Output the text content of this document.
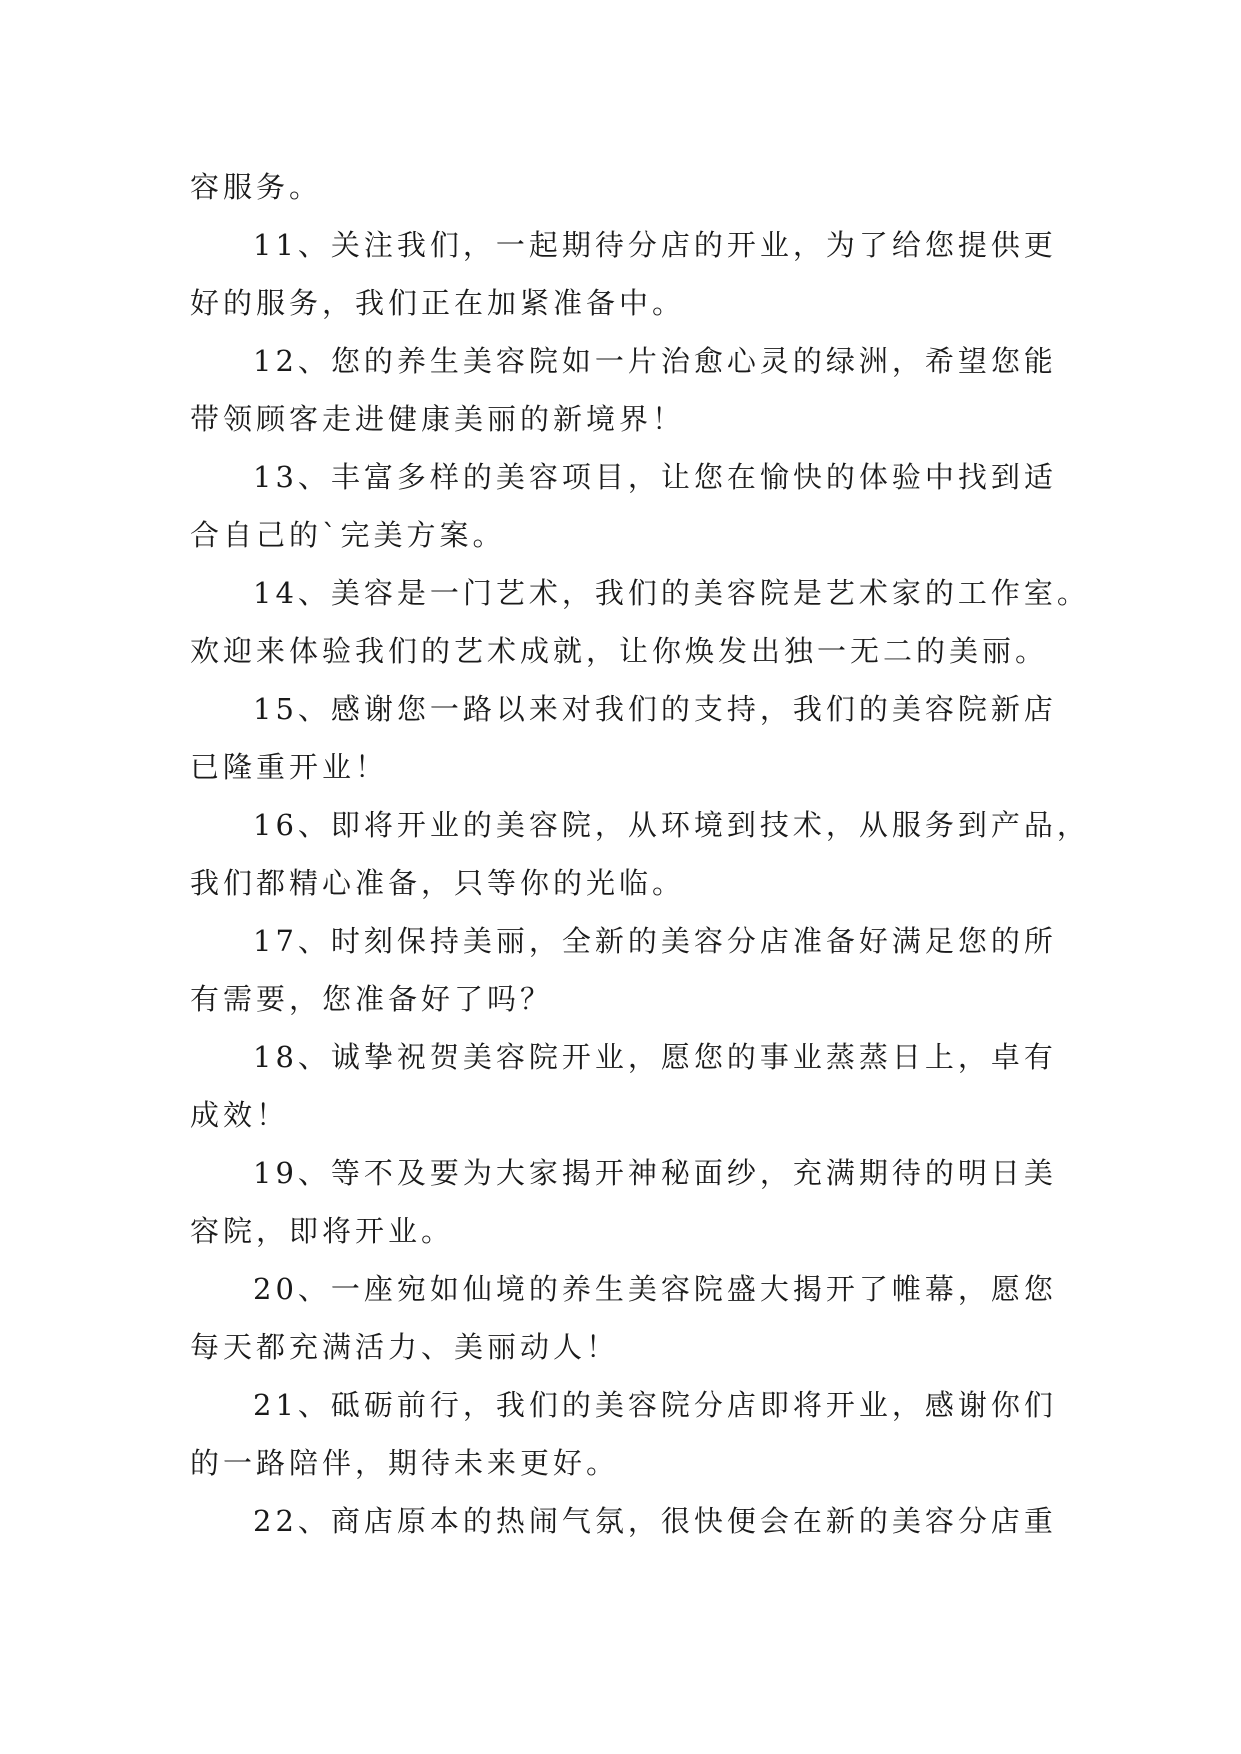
容服务。
11、关注我们，一起期待分店的开业，为了给您提供更
好的服务，我们正在加紧准备中。
12、您的养生美容院如一片治愈心灵的绿洲，希望您能
带领顾客走进健康美丽的新境界！
13、丰富多样的美容项目，让您在愉快的体验中找到适
合自己的`完美方案。
14、美容是一门艺术，我们的美容院是艺术家的工作室。
欢迎来体验我们的艺术成就，让你焕发出独一无二的美丽。
15、感谢您一路以来对我们的支持，我们的美容院新店
已隆重开业！
16、即将开业的美容院，从环境到技术，从服务到产品，
我们都精心准备，只等你的光临。
17、时刻保持美丽，全新的美容分店准备好满足您的所
有需要，您准备好了吗？
18、诚挚祝贺美容院开业，愿您的事业蒸蒸日上，卓有
成效！
19、等不及要为大家揭开神秘面纱，充满期待的明日美
容院，即将开业。
20、一座宛如仙境的养生美容院盛大揭开了帷幕，愿您
每天都充满活力、美丽动人！
21、砥砺前行，我们的美容院分店即将开业，感谢你们
的一路陪伴，期待未来更好。
22、商店原本的热闹气氛，很快便会在新的美容分店重
